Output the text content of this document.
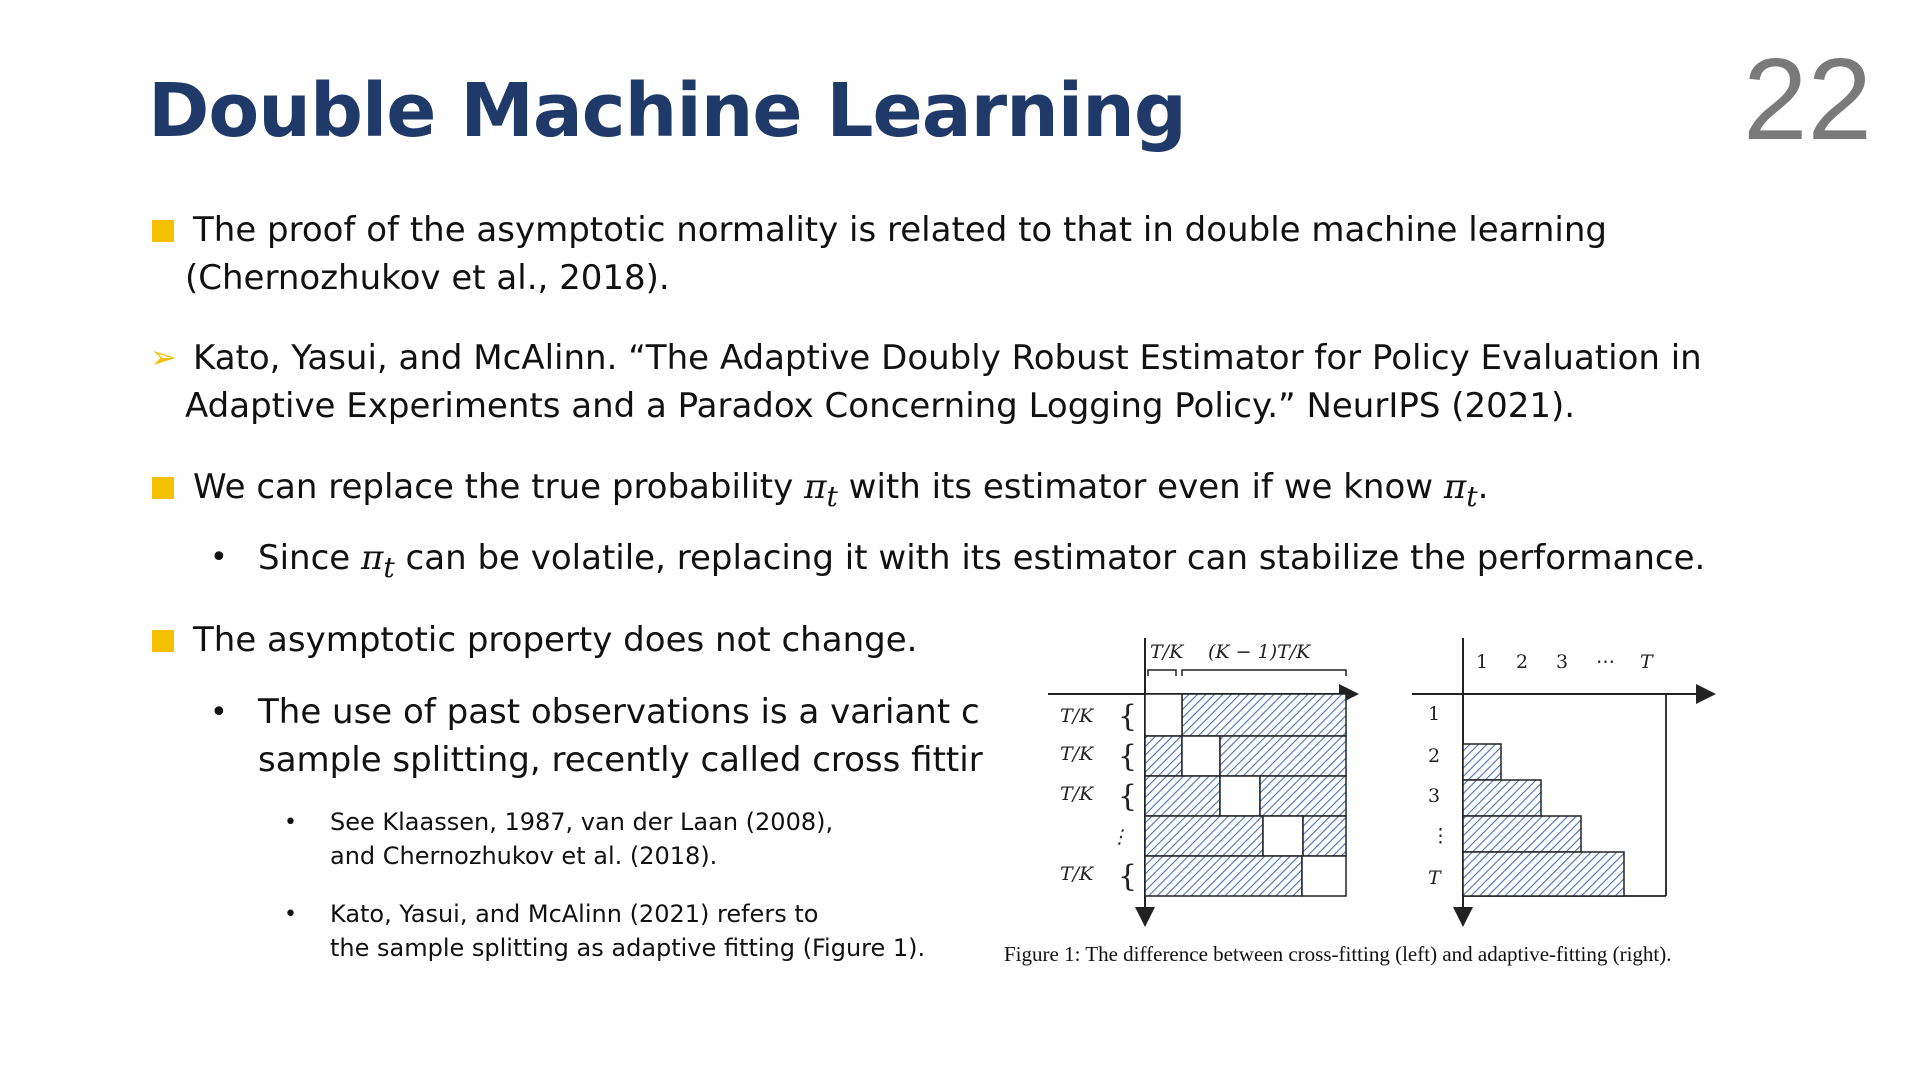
Double Machine Learning	22
The proof of the asymptotic normality is related to that in double machine learning
(Chernozhukov et al., 2018).
➢ Kato, Yasui, and McAlinn. “The Adaptive Doubly Robust Estimator for Policy Evaluation in
Adaptive Experiments and a Paradox Concerning Logging Policy.” NeurIPS (2021).
We can replace the true probability $\pi_t$ with its estimator even if we know $\pi_t$.
• Since $\pi_t$ can be volatile, replacing it with its estimator can stabilize the performance.
The asymptotic property does not change.
• The use of past observations is a variant c
sample splitting, recently called cross fittir
• See Klaassen, 1987, van der Laan (2008),
and Chernozhukov et al. (2018).
• Kato, Yasui, and McAlinn (2021) refers to
the sample splitting as adaptive fitting (Figure 1).
T/K (K − 1)T/K
T/K
T/K
T/K
⋮
T/K
{
{
{
{
1 2 3 ⋯ T
1
2
3
⋮
T
Figure 1: The difference between cross-fitting (left) and adaptive-fitting (right).
